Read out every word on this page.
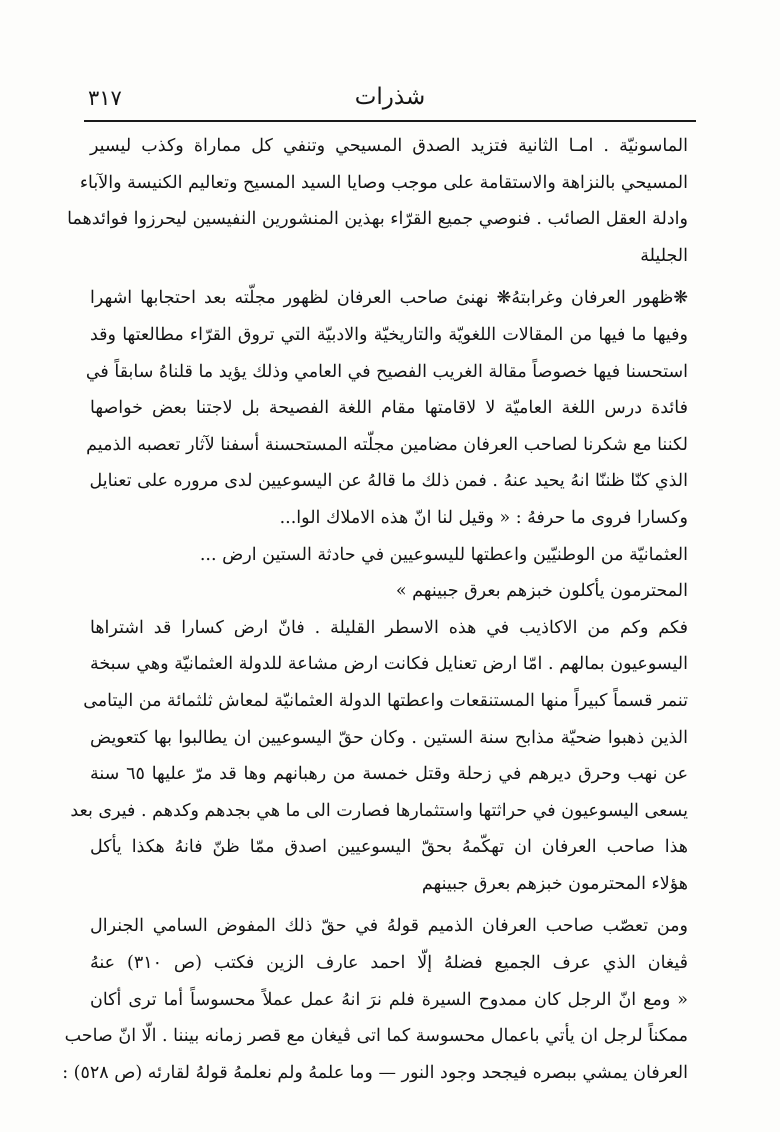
شذرات
٣١٧
الماسونيّة . امـا الثانية فتزيد الصدق المسيحي وتنفي كل مماراة وكذب ليسير
المسيحي بالنزاهة والاستقامة على موجب وصايا السيد المسيح وتعاليم الكنيسة والآباء
وادلة العقل الصائب . فنوصي جميع القرّاء بهذين المنشورين النفيسين ليحرزوا فوائدهما
الجليلة
❋ظهور العرفان وغرابتهُ❋ نهنئ صاحب العرفان لظهور مجلّته بعد احتجابها اشهرا
وفيها ما فيها من المقالات اللغويّة والتاريخيّة والادبيّة التي تروق القرّاء مطالعتها وقد
استحسنا فيها خصوصاً مقالة الغريب الفصيح في العامي وذلك يؤيد ما قلناهُ سابقاً في
فائدة درس اللغة العاميّة لا لاقامتها مقام اللغة الفصيحة بل لاجتنا بعض خواصها
لكننا مع شكرنا لصاحب العرفان مضامين مجلّته المستحسنة أسفنا لآثار تعصبه الذميم
الذي كنّا ظننّا انهُ يحيد عنهُ . فمن ذلك ما قالهُ عن اليسوعيين لدى مروره على تعنايل
وكسارا فروى ما حرفهُ : « وقيل لنا انّ هذه الاملاك الوا...
العثمانيّة من الوطنيّين واعطتها لليسوعيين في حادثة الستين ارض ...
المحترمون يأكلون خبزهم بعرق جبينهم »
فكم وكم من الاكاذيب في هذه الاسطر القليلة . فانّ ارض كسارا قد اشتراها
اليسوعيون بمالهم . امّا ارض تعنايل فكانت ارض مشاعة للدولة العثمانيّة وهي سبخة
تنمر قسماً كبيراً منها المستنقعات واعطتها الدولة العثمانيّة لمعاش ثلثمائة من اليتامى
الذين ذهبوا ضحيّة مذابح سنة الستين . وكان حقّ اليسوعيين ان يطالبوا بها كتعويض
عن نهب وحرق ديرهم في زحلة وقتل خمسة من رهبانهم وها قد مرّ عليها ٦٥ سنة
يسعى اليسوعيون في حراثتها واستثمارها فصارت الى ما هي بجدهم وكدهم . فيرى بعد
هذا صاحب العرفان ان تهكّمهُ بحقّ اليسوعيين اصدق ممّا ظنّ فانهُ هكذا يأكل
هؤلاء المحترمون خبزهم بعرق جبينهم
ومن تعصّب صاحب العرفان الذميم قولهُ في حقّ ذلك المفوض السامي الجنرال
ڤيغان الذي عرف الجميع فضلهُ إلّا احمد عارف الزين فكتب (ص ٣١٠) عنهُ
« ومع انّ الرجل كان ممدوح السيرة فلم نرَ انهُ عمل عملاً محسوساً أما ترى أكان
ممكناً لرجل ان يأتي باعمال محسوسة كما اتى ڤيغان مع قصر زمانه بيننا . الّا انّ صاحب
العرفان يمشي ببصره فيجحد وجود النور — وما علمهُ ولم نعلمهُ قولهُ لقارئه (ص ٥٢٨) :
